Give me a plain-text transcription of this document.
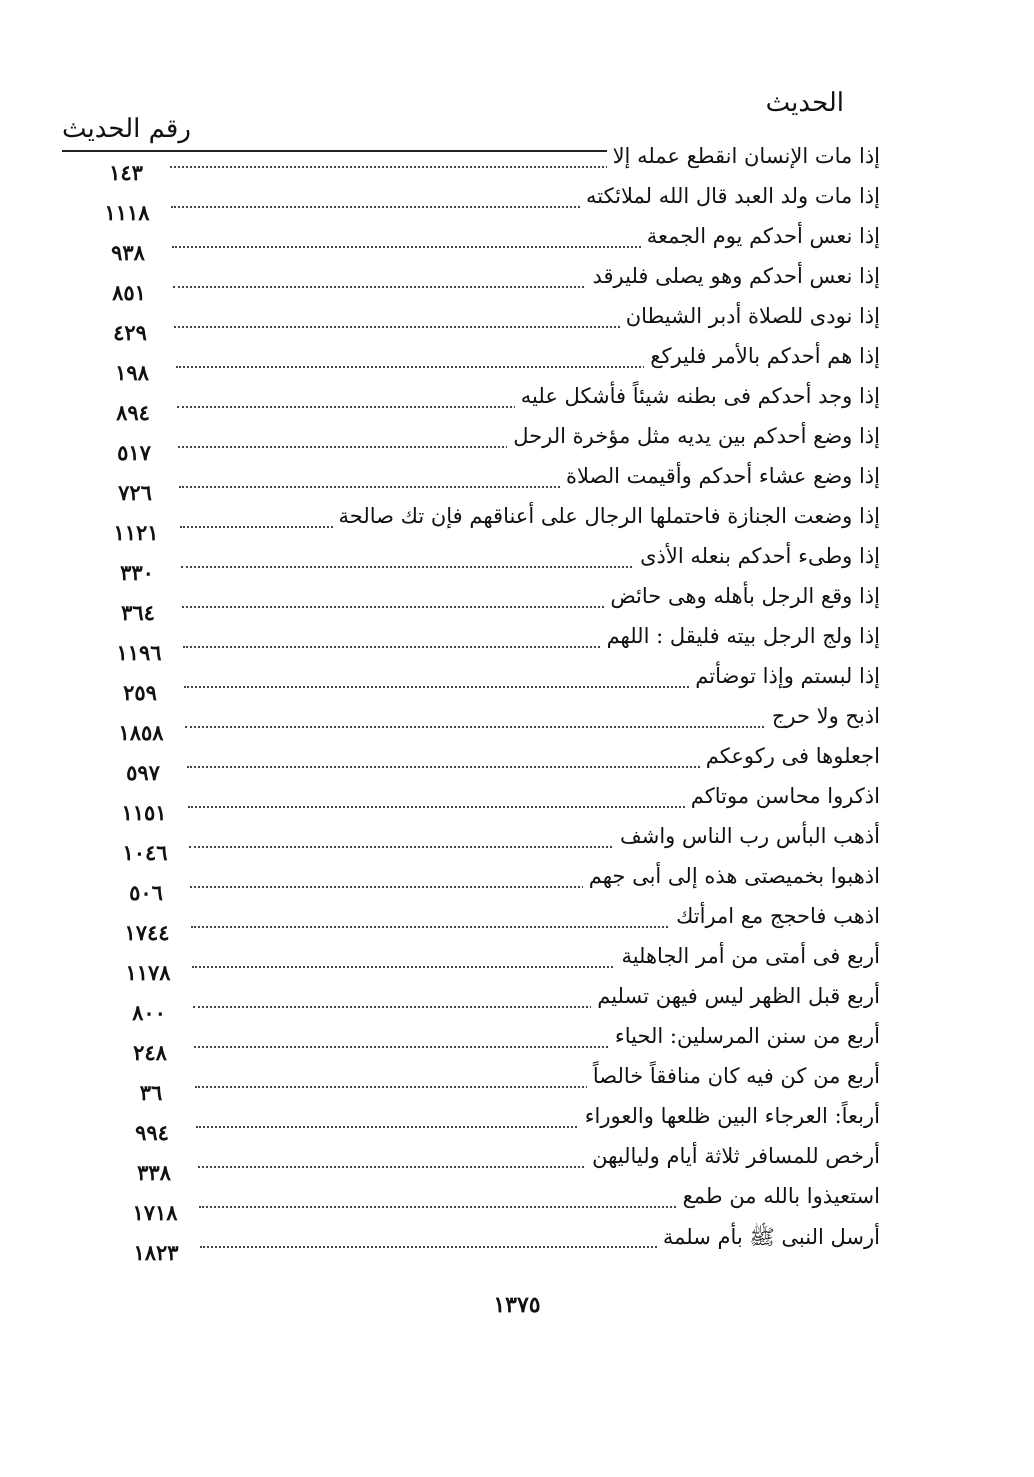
الحديث
رقم الحديث
إذا مات الإنسان انقطع عمله إلا
١٤٣
إذا مات ولد العبد قال الله لملائكته
١١١٨
إذا نعس أحدكم يوم الجمعة
٩٣٨
إذا نعس أحدكم وهو يصلى فليرقد
٨٥١
إذا نودى للصلاة أدبر الشيطان
٤٢٩
إذا هم أحدكم بالأمر فليركع
١٩٨
إذا وجد أحدكم فى بطنه شيئاً فأشكل عليه
٨٩٤
إذا وضع أحدكم بين يديه مثل مؤخرة الرحل
٥١٧
إذا وضع عشاء أحدكم وأقيمت الصلاة
٧٢٦
إذا وضعت الجنازة فاحتملها الرجال على أعناقهم فإن تك صالحة
١١٢١
إذا وطىء أحدكم بنعله الأذى
٣٣٠
إذا وقع الرجل بأهله وهى حائض
٣٦٤
إذا ولج الرجل بيته فليقل : اللهم
١١٩٦
إذا لبستم وإذا توضأتم
٢٥٩
اذبح ولا حرج
١٨٥٨
اجعلوها فى ركوعكم
٥٩٧
اذكروا محاسن موتاكم
١١٥١
أذهب البأس رب الناس واشف
١٠٤٦
اذهبوا بخميصتى هذه إلى أبى جهم
٥٠٦
اذهب فاحجج مع امرأتك
١٧٤٤
أربع فى أمتى من أمر الجاهلية
١١٧٨
أربع قبل الظهر ليس فيهن تسليم
٨٠٠
أربع من سنن المرسلين: الحياء
٢٤٨
أربع من كن فيه كان منافقاً خالصاً
٣٦
أربعاً: العرجاء البين ظلعها والعوراء
٩٩٤
أرخص للمسافر ثلاثة أيام ولياليهن
٣٣٨
استعيذوا بالله من طمع
١٧١٨
أرسل النبى ﷺ بأم سلمة
١٨٢٣
١٣٧٥
